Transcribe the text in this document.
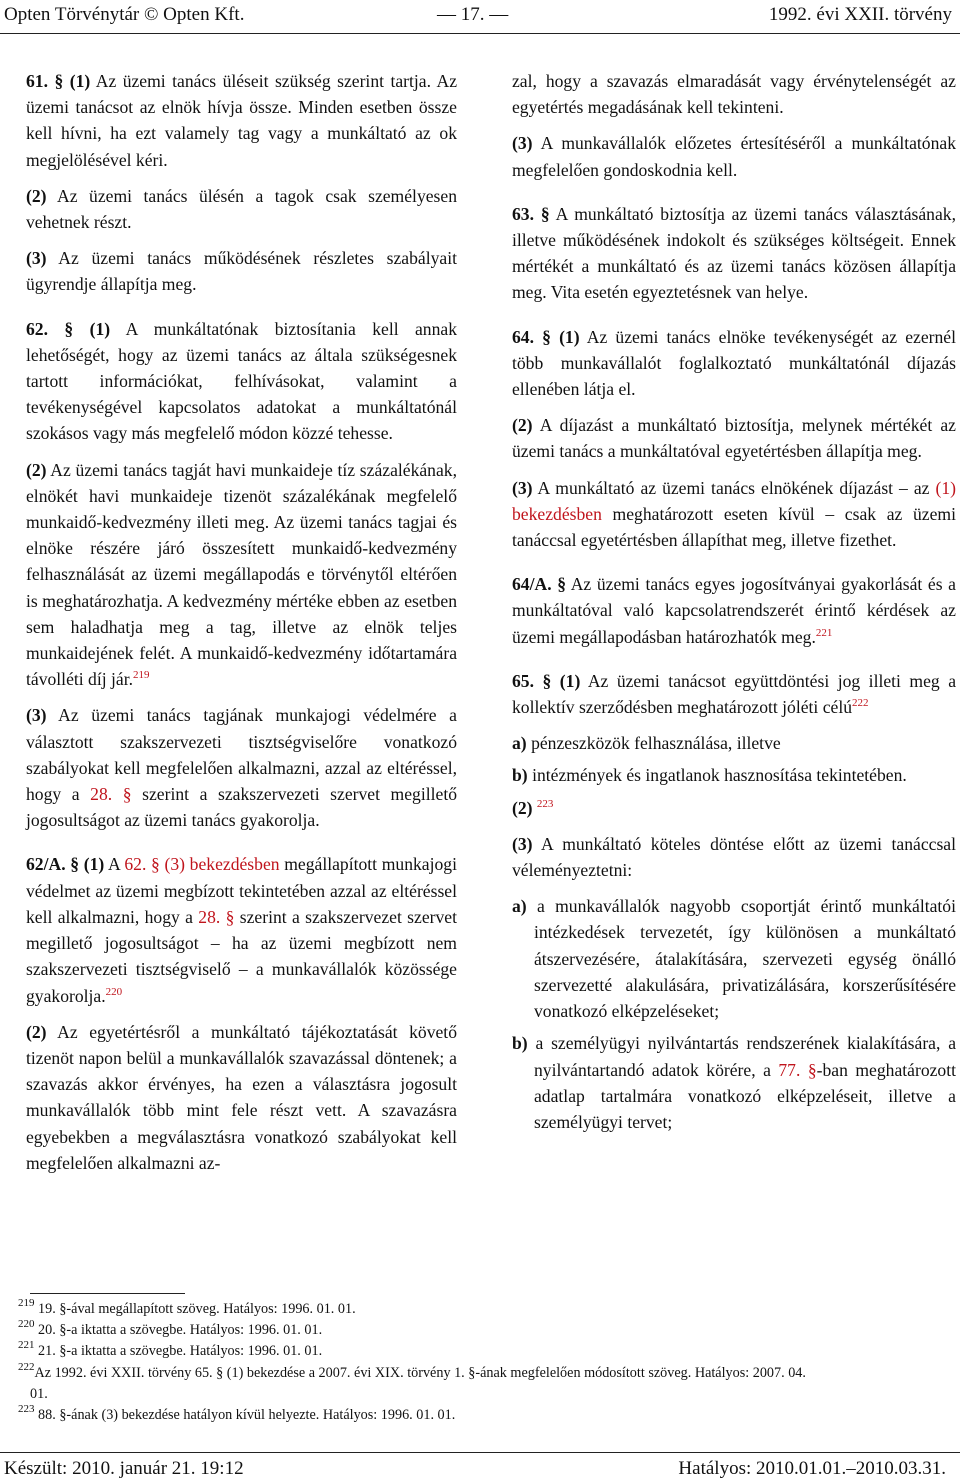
Opten Törvénytár © Opten Kft.	— 17. —	1992. évi XXII. törvény

61. § (1) Az üzemi tanács üléseit szükség szerint tartja. Az üzemi tanácsot az elnök hívja össze. Minden esetben össze kell hívni, ha ezt valamely tag vagy a munkáltató az ok megjelölésével kéri.

(2) Az üzemi tanács ülésén a tagok csak személyesen vehetnek részt.

(3) Az üzemi tanács működésének részletes szabályait ügyrendje állapítja meg.

62. § (1) A munkáltatónak biztosítania kell annak lehetőségét, hogy az üzemi tanács az általa szükségesnek tartott információkat, felhívásokat, valamint a tevékenységével kapcsolatos adatokat a munkáltatónál szokásos vagy más megfelelő módon közzé tehesse.

(2) Az üzemi tanács tagját havi munkaideje tíz százalékának, elnökét havi munkaideje tizenöt százalékának megfelelő munkaidő-kedvezmény illeti meg. Az üzemi tanács tagjai és elnöke részére járó összesített munkaidő-kedvezmény felhasználását az üzemi megállapodás e törvénytől eltérően is meghatározhatja. A kedvezmény mértéke ebben az esetben sem haladhatja meg a tag, illetve az elnök teljes munkaidejének felét. A munkaidő-kedvezmény időtartamára távolléti díj jár.$^{219}$

(3) Az üzemi tanács tagjának munkajogi védelmére a választott szakszervezeti tisztségviselőre vonatkozó szabályokat kell megfelelően alkalmazni, azzal az eltéréssel, hogy a 28. § szerint a szakszervezeti szervet megillető jogosultságot az üzemi tanács gyakorolja.

62/A. § (1) A 62. § (3) bekezdésben megállapított munkajogi védelmet az üzemi megbízott tekintetében azzal az eltéréssel kell alkalmazni, hogy a 28. § szerint a szakszervezet szervet megillető jogosultságot – ha az üzemi megbízott nem szakszervezeti tisztségviselő – a munkavállalók közössége gyakorolja.$^{220}$

(2) Az egyetértésről a munkáltató tájékoztatását követő tizenöt napon belül a munkavállalók szavazással döntenek; a szavazás akkor érvényes, ha ezen a választásra jogosult munkavállalók több mint fele részt vett. A szavazásra egyebekben a megválasztásra vonatkozó szabályokat kell megfelelően alkalmazni az-

zal, hogy a szavazás elmaradását vagy érvénytelenségét az egyetértés megadásának kell tekinteni.

(3) A munkavállalók előzetes értesítéséről a munkáltatónak megfelelően gondoskodnia kell.

63. § A munkáltató biztosítja az üzemi tanács választásának, illetve működésének indokolt és szükséges költségeit. Ennek mértékét a munkáltató és az üzemi tanács közösen állapítja meg. Vita esetén egyeztetésnek van helye.

64. § (1) Az üzemi tanács elnöke tevékenységét az ezernél több munkavállalót foglalkoztató munkáltatónál díjazás ellenében látja el.

(2) A díjazást a munkáltató biztosítja, melynek mértékét az üzemi tanács a munkáltatóval egyetértésben állapítja meg.

(3) A munkáltató az üzemi tanács elnökének díjazást – az (1) bekezdésben meghatározott eseten kívül – csak az üzemi tanáccsal egyetértésben állapíthat meg, illetve fizethet.

64/A. § Az üzemi tanács egyes jogosítványai gyakorlását és a munkáltatóval való kapcsolatrendszerét érintő kérdések az üzemi megállapodásban határozhatók meg.$^{221}$

65. § (1) Az üzemi tanácsot együttdöntési jog illeti meg a kollektív szerződésben meghatározott jóléti célú$^{222}$

a) pénzeszközök felhasználása, illetve

b) intézmények és ingatlanok hasznosítása tekintetében.

(2) $^{223}$

(3) A munkáltató köteles döntése előtt az üzemi tanáccsal véleményeztetni:

a) a munkavállalók nagyobb csoportját érintő munkáltatói intézkedések tervezetét, így különösen a munkáltató átszervezésére, átalakítására, szervezeti egység önálló szervezetté alakulására, privatizálására, korszerűsítésére vonatkozó elképzeléseket;

b) a személyügyi nyilvántartás rendszerének kialakítására, a nyilvántartandó adatok körére, a 77. §-ban meghatározott adatlap tartalmára vonatkozó elképzeléseit, illetve a személyügyi tervet;

$^{219}$ 19. §-ával megállapított szöveg. Hatályos: 1996. 01. 01.
$^{220}$ 20. §-a iktatta a szövegbe. Hatályos: 1996. 01. 01.
$^{221}$ 21. §-a iktatta a szövegbe. Hatályos: 1996. 01. 01.
$^{222}$Az 1992. évi XXII. törvény 65. § (1) bekezdése a 2007. évi XIX. törvény 1. §-ának megfelelően módosított szöveg. Hatályos: 2007. 04.
01.
$^{223}$ 88. §-ának (3) bekezdése hatályon kívül helyezte. Hatályos: 1996. 01. 01.
Készült: 2010. január 21. 19:12	Hatályos: 2010.01.01.–2010.03.31.
